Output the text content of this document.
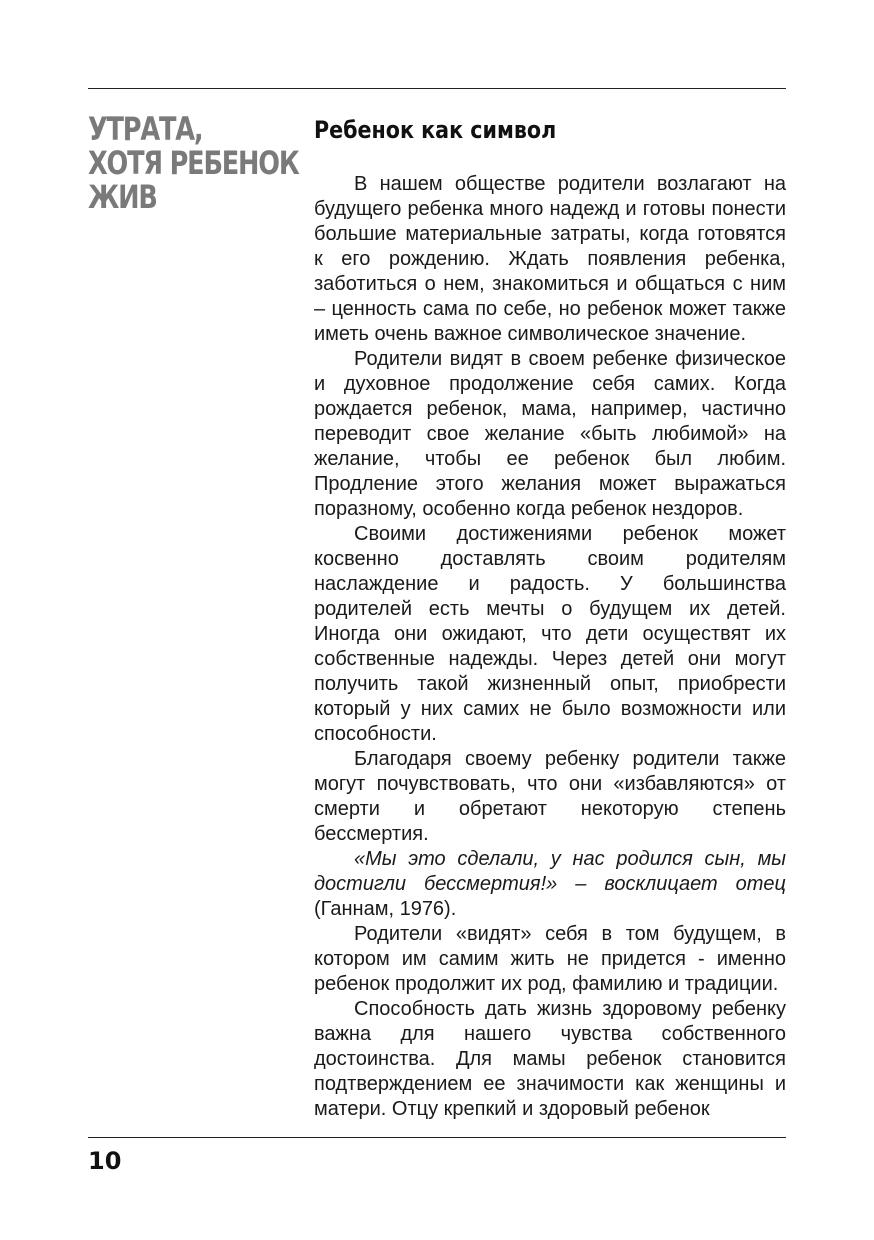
УТРАТА,
ХОТЯ РЕБЕНОК
ЖИВ
Ребенок как символ

В нашем обществе родители возлагают на будущего ребенка много надежд и готовы понести большие материальные затраты, когда готовятся к его рождению. Ждать появления ребенка, заботиться о нем, знакомиться и общаться с ним – ценность сама по себе, но ребенок может также иметь очень важное символическое значение.

Родители видят в своем ребенке физическое и духовное продолжение себя самих. Когда рождается ребенок, мама, например, частично переводит свое желание «быть любимой» на желание, чтобы ее ребенок был любим. Продление этого желания может выражаться поразному, особенно когда ребенок нездоров.

Своими достижениями ребенок может косвенно доставлять своим родителям наслаждение и радость. У большинства родителей есть мечты о будущем их детей. Иногда они ожидают, что дети осуществят их собственные надежды. Через детей они могут получить такой жизненный опыт, приобрести который у них самих не было возможности или способности.

Благодаря своему ребенку родители также могут почувствовать, что они «избавляются» от смерти и обретают некоторую степень бессмертия.

«Мы это сделали, у нас родился сын, мы достигли бессмертия!» – восклицает отец (Ганнам, 1976).

Родители «видят» себя в том будущем, в котором им самим жить не придется - именно ребенок продолжит их род, фамилию и традиции.

Способность дать жизнь здоровому ребенку важна для нашего чувства собственного достоинства. Для мамы ребенок становится подтверждением ее значимости как женщины и матери. Отцу крепкий и здоровый ребенок

10
